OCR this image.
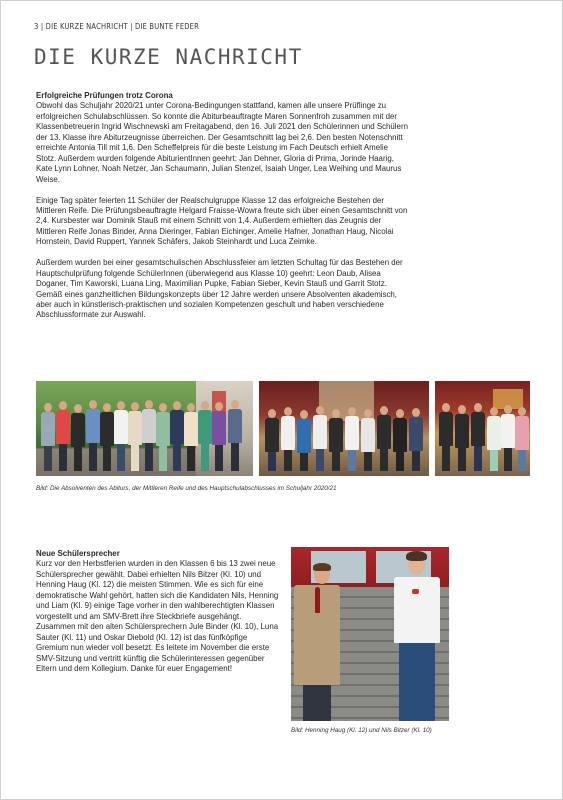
3 | DIE KURZE NACHRICHT | DIE BUNTE FEDER
DIE KURZE NACHRICHT
Erfolgreiche Prüfungen trotz Corona

Obwohl das Schuljahr 2020/21 unter Corona-Bedingungen stattfand, kamen alle unsere Prüflinge zu erfolgreichen Schulabschlüssen. So konnte die Abiturbeauftragte Maren Sonnenfroh zusammen mit der Klassenbetreuerin Ingrid Wischnewski am Freitagabend, den 16. Juli 2021 den Schülerinnen und Schülern der 13. Klasse ihre Abiturzeugnisse überreichen. Der Gesamtschnitt lag bei 2,6. Den besten Notenschnitt erreichte Antonia Till mit 1,6. Den Scheffelpreis für die beste Leistung im Fach Deutsch erhielt Amelie Stotz. Außerdem wurden folgende AbiturientInnen geehrt: Jan Dehner, Gloria di Prima, Jorinde Haarig, Kate Lynn Lohner, Noah Netzer, Jan Schaumann, Julian Stenzel, Isaiah Unger, Lea Weihing und Maurus Weise.

Einige Tag später feierten 11 Schüler der Realschulgruppe Klasse 12 das erfolgreiche Bestehen der Mittleren Reife. Die Prüfungsbeauftragte Helgard Fraisse-Wowra freute sich über einen Gesamtschnitt von 2,4. Kursbester war Dominik Stauß mit einem Schnitt von 1,4. Außerdem erhielten das Zeugnis der Mittleren Reife Jonas Binder, Anna Dieringer, Fabian Eichinger, Amelie Hafner, Jonathan Haug, Nicolai Hornstein, David Ruppert, Yannek Schäfers, Jakob Steinhardt und Luca Zeimke.

Außerdem wurden bei einer gesamtschulischen Abschlussfeier am letzten Schultag für das Bestehen der Hauptschulprüfung folgende SchülerInnen (überwiegend aus Klasse 10) geehrt: Leon Daub, Alisea Doganer, Tim Kaworski, Luana Ling, Maximilian Pupke, Fabian Sieber, Kevin Stauß und Garrit Stotz. Gemäß eines ganzheitlichen Bildungskonzepts über 12 Jahre werden unsere Absolventen akademisch, aber auch in künstlerisch-praktischen und sozialen Kompetenzen geschult und haben verschiedene Abschlussformate zur Auswahl.

Bild: Die Absolventen des Abiturs, der Mittleren Reife und des Hauptschulabschlusses im Schuljahr 2020/21
Neue Schülersprecher

Kurz vor den Herbstferien wurden in den Klassen 6 bis 13 zwei neue Schülersprecher gewählt. Dabei erhielten Nils Bitzer (Kl. 10) und Henning Haug (Kl. 12) die meisten Stimmen. Wie es sich für eine demokratische Wahl gehört, hatten sich die Kandidaten Nils, Henning und Liam (Kl. 9) einige Tage vorher in den wahlberechtigten Klassen vorgestellt und am SMV-Brett ihre Steckbriefe ausgehängt. Zusammen mit den alten Schülersprechern Jule Binder (Kl. 10), Luna Sauter (Kl. 11) und Oskar Diebold (Kl. 12) ist das fünfköpfige Gremium nun wieder voll besetzt. Es leitete im November die erste SMV-Sitzung und vertritt künftig die Schülerinteressen gegenüber Eltern und dem Kollegium. Danke für euer Engagement!

Bild: Henning Haug (Kl. 12) und Nils Bitzer (Kl. 10)
